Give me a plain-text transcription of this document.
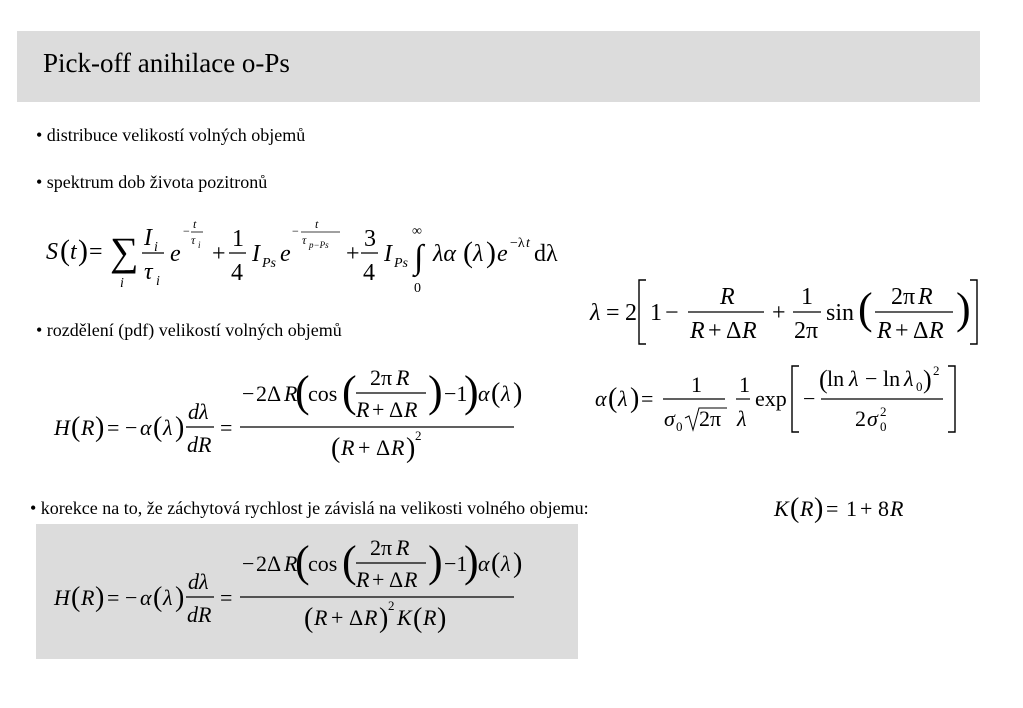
Pick-off anihilace o-Ps
• distribuce velikostí volných objemů
• spektrum dob života pozitronů
• rozdělení (pdf) velikostí volných objemů
• korekce na to, že záchytová rychlost je závislá na velikosti volného objemu:
S ( t ) = ∑
i
I i
τ i
e
− t
τ i +
1
4
I Ps e
− t
τ p−Ps +
3
4
I Ps ∫
∞
0
λα ( λ ) e −λ t dλ
λ = 2 1 −
R
R + Δ R
+
1
2π
sin ( 2π R
R + Δ R )
α ( λ ) =
1
σ 0 2π
1
λ
exp −
( ln λ − ln λ 0 ) 2
2 σ 0
2
H ( R ) = − α ( λ )
dλ
dR
=
− 2Δ R
(
cos ( 2π R
R + Δ R ) −1
) α ( λ )
( R + Δ R ) 2
K ( R ) = 1 + 8 R
H ( R ) = − α ( λ )
dλ
dR
=
− 2Δ R
(
cos ( 2π R
R + Δ R ) −1
) α ( λ )
( R + Δ R ) 2 K ( R )
